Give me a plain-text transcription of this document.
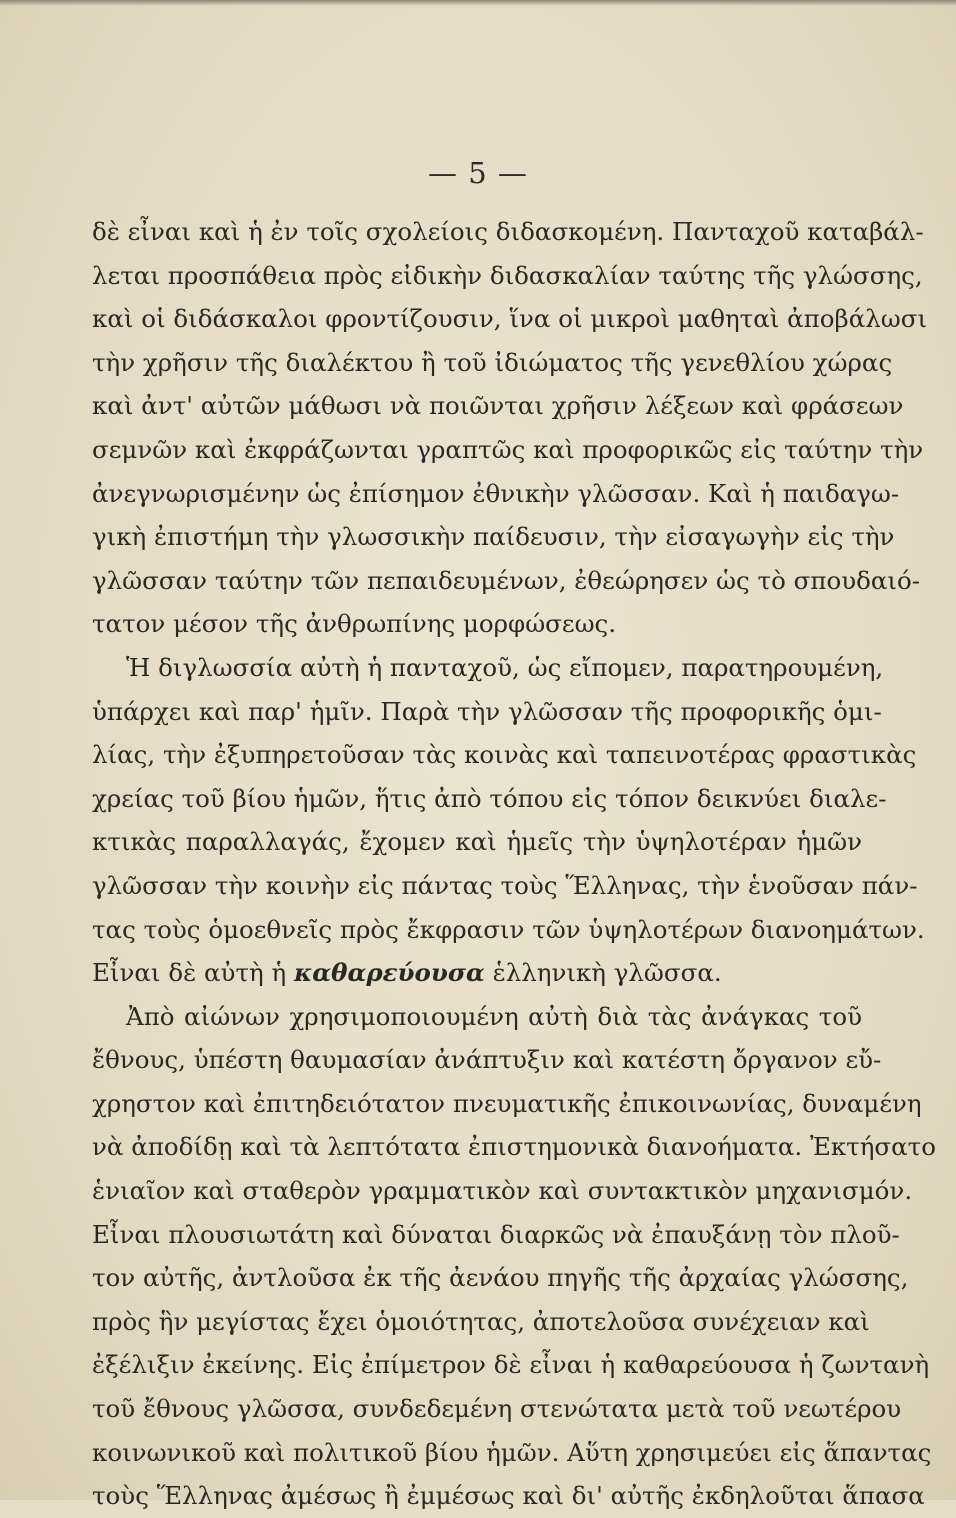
— 5 —
δὲ εἶναι καὶ ἡ ἐν τοῖς σχολείοις διδασκομένη. Πανταχοῦ καταβάλ-
λεται προσπάθεια πρὸς εἰδικὴν διδασκαλίαν ταύτης τῆς γλώσσης,
καὶ οἱ διδάσκαλοι φροντίζουσιν, ἵνα οἱ μικροὶ μαθηταὶ ἀποβάλωσι
τὴν χρῆσιν τῆς διαλέκτου ἢ τοῦ ἰδιώματος τῆς γενεθλίου χώρας
καὶ ἀντ' αὐτῶν μάθωσι νὰ ποιῶνται χρῆσιν λέξεων καὶ φράσεων
σεμνῶν καὶ ἐκφράζωνται γραπτῶς καὶ προφορικῶς εἰς ταύτην τὴν
ἀνεγνωρισμένην ὡς ἐπίσημον ἐθνικὴν γλῶσσαν. Καὶ ἡ παιδαγω-
γικὴ ἐπιστήμη τὴν γλωσσικὴν παίδευσιν, τὴν εἰσαγωγὴν εἰς τὴν
γλῶσσαν ταύτην τῶν πεπαιδευμένων, ἐθεώρησεν ὡς τὸ σπουδαιό-
τατον μέσον τῆς ἀνθρωπίνης μορφώσεως.
Ἡ διγλωσσία αὐτὴ ἡ πανταχοῦ, ὡς εἴπομεν, παρατηρουμένη,
ὑπάρχει καὶ παρ' ἡμῖν. Παρὰ τὴν γλῶσσαν τῆς προφορικῆς ὁμι-
λίας, τὴν ἐξυπηρετοῦσαν τὰς κοινὰς καὶ ταπεινοτέρας φραστικὰς
χρείας τοῦ βίου ἡμῶν, ἥτις ἀπὸ τόπου εἰς τόπον δεικνύει διαλε-
κτικὰς παραλλαγάς, ἔχομεν καὶ ἡμεῖς τὴν ὑψηλοτέραν ἡμῶν
γλῶσσαν τὴν κοινὴν εἰς πάντας τοὺς Ἕλληνας, τὴν ἑνοῦσαν πάν-
τας τοὺς ὁμοεθνεῖς πρὸς ἔκφρασιν τῶν ὑψηλοτέρων διανοημάτων.
Εἶναι δὲ αὐτὴ ἡ καθαρεύουσα ἑλληνικὴ γλῶσσα.
Ἀπὸ αἰώνων χρησιμοποιουμένη αὐτὴ διὰ τὰς ἀνάγκας τοῦ
ἔθνους, ὑπέστη θαυμασίαν ἀνάπτυξιν καὶ κατέστη ὄργανον εὔ-
χρηστον καὶ ἐπιτηδειότατον πνευματικῆς ἐπικοινωνίας, δυναμένη
νὰ ἀποδίδῃ καὶ τὰ λεπτότατα ἐπιστημονικὰ διανοήματα. Ἐκτήσατο
ἑνιαῖον καὶ σταθερὸν γραμματικὸν καὶ συντακτικὸν μηχανισμόν.
Εἶναι πλουσιωτάτη καὶ δύναται διαρκῶς νὰ ἐπαυξάνῃ τὸν πλοῦ-
τον αὐτῆς, ἀντλοῦσα ἐκ τῆς ἀενάου πηγῆς τῆς ἀρχαίας γλώσσης,
πρὸς ἣν μεγίστας ἔχει ὁμοιότητας, ἀποτελοῦσα συνέχειαν καὶ
ἐξέλιξιν ἐκείνης. Εἰς ἐπίμετρον δὲ εἶναι ἡ καθαρεύουσα ἡ ζωντανὴ
τοῦ ἔθνους γλῶσσα, συνδεδεμένη στενώτατα μετὰ τοῦ νεωτέρου
κοινωνικοῦ καὶ πολιτικοῦ βίου ἡμῶν. Αὕτη χρησιμεύει εἰς ἅπαντας
τοὺς Ἕλληνας ἀμέσως ἢ ἐμμέσως καὶ δι' αὐτῆς ἐκδηλοῦται ἅπασα
